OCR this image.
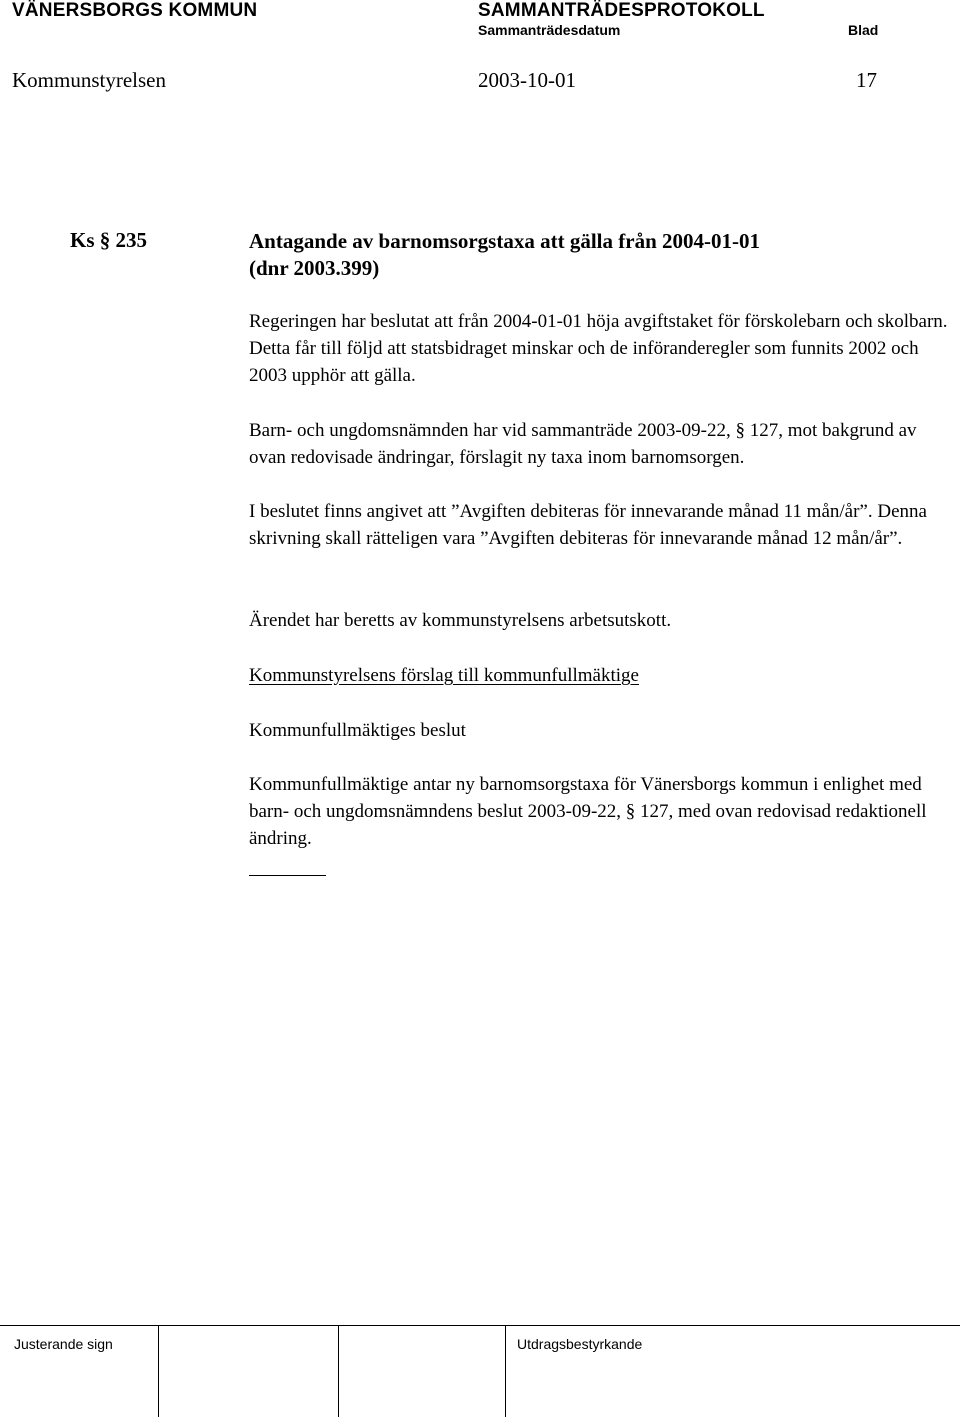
VÄNERSBORGS KOMMUN	SAMMANTRÄDESPROTOKOLL
Sammanträdesdatum	Blad
Kommunstyrelsen	2003-10-01	17
Ks § 235	Antagande av barnomsorgstaxa att gälla från 2004-01-01
(dnr 2003.399)
Regeringen har beslutat att från 2004-01-01 höja avgiftstaket för förskolebarn och skolbarn. Detta får till följd att statsbidraget minskar och de införanderegler som funnits 2002 och 2003 upphör att gälla.
Barn- och ungdomsnämnden har vid sammanträde 2003-09-22, § 127, mot bakgrund av ovan redovisade ändringar, förslagit ny taxa inom barnomsorgen.
I beslutet finns angivet att ”Avgiften debiteras för innevarande månad 11 mån/år”. Denna skrivning skall rätteligen vara ”Avgiften debiteras för innevarande månad 12 mån/år”.
Ärendet har beretts av kommunstyrelsens arbetsutskott.
Kommunstyrelsens förslag till kommunfullmäktige
Kommunfullmäktiges beslut
Kommunfullmäktige antar ny barnomsorgstaxa för Vänersborgs kommun i enlighet med barn- och ungdomsnämndens beslut 2003-09-22, § 127, med ovan redovisad redaktionell ändring.
Justerande sign	Utdragsbestyrkande
